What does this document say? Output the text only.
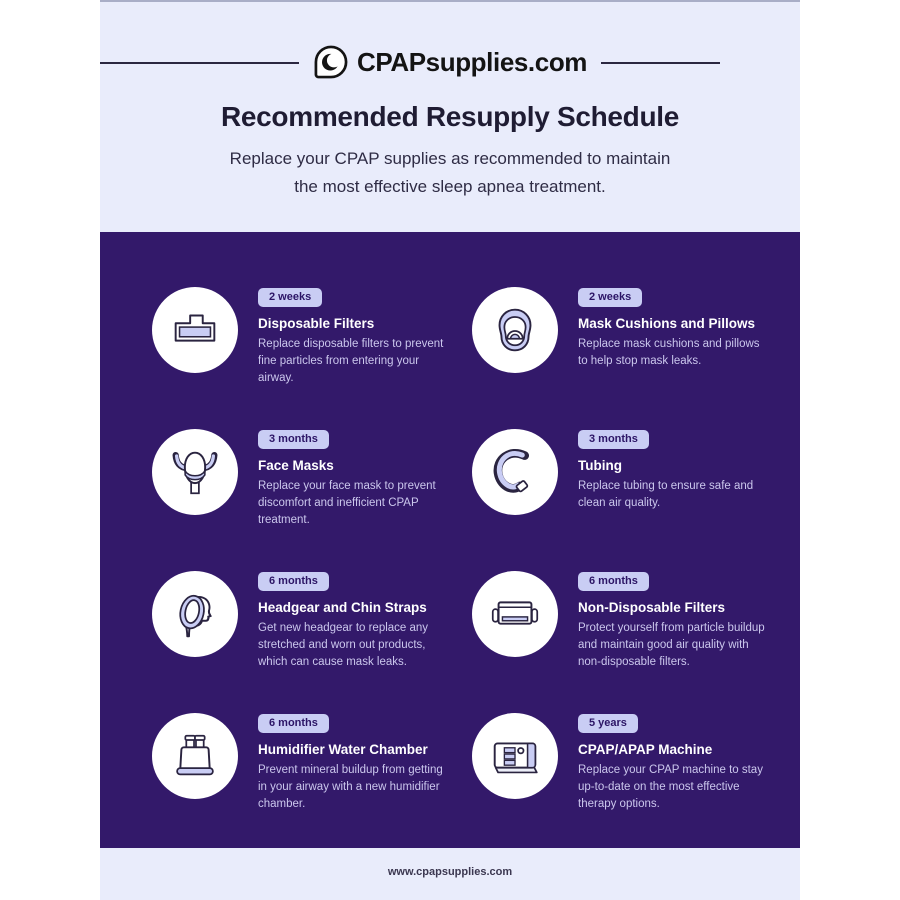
CPAPsupplies.com
Recommended Resupply Schedule
Replace your CPAP supplies as recommended to maintain
the most effective sleep apnea treatment.
2 weeks
Disposable Filters
Replace disposable filters to prevent fine particles from entering your airway.
2 weeks
Mask Cushions and Pillows
Replace mask cushions and pillows to help stop mask leaks.
3 months
Face Masks
Replace your face mask to prevent discomfort and inefficient CPAP treatment.
3 months
Tubing
Replace tubing to ensure safe and clean air quality.
6 months
Headgear and Chin Straps
Get new headgear to replace any stretched and worn out products, which can cause mask leaks.
6 months
Non-Disposable Filters
Protect yourself from particle buildup and maintain good air quality with non-disposable filters.
6 months
Humidifier Water Chamber
Prevent mineral buildup from getting in your airway with a new humidifier chamber.
5 years
CPAP/APAP Machine
Replace your CPAP machine to stay up-to-date on the most effective therapy options.
www.cpapsupplies.com
